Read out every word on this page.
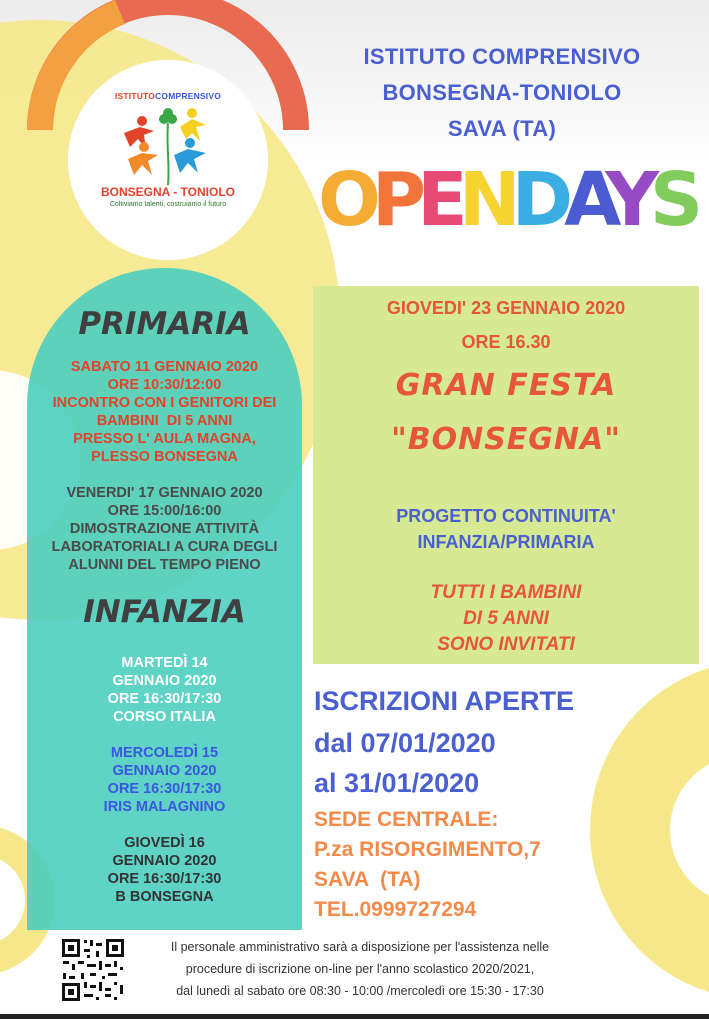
ISTITUTOCOMPRENSIVO
BONSEGNA - TONIOLO
Coltiviamo talenti, costruiamo il futuro
ISTITUTO COMPRENSIVO
BONSEGNA-TONIOLO
SAVA (TA)
OPENDAYS
PRIMARIA
SABATO 11 GENNAIO 2020
ORE 10:30/12:00
INCONTRO CON I GENITORI DEI
BAMBINI  DI 5 ANNI
PRESSO L' AULA MAGNA,
PLESSO BONSEGNA
VENERDI' 17 GENNAIO 2020
ORE 15:00/16:00
DIMOSTRAZIONE ATTIVITÀ
LABORATORIALI A CURA DEGLI
ALUNNI DEL TEMPO PIENO
INFANZIA
MARTEDÌ 14
GENNAIO 2020
ORE 16:30/17:30
CORSO ITALIA
MERCOLEDÌ 15
GENNAIO 2020
ORE 16:30/17:30
IRIS MALAGNINO
GIOVEDÌ 16
GENNAIO 2020
ORE 16:30/17:30
B BONSEGNA
GIOVEDI' 23 GENNAIO 2020
ORE 16.30
GRAN FESTA
"BONSEGNA"
PROGETTO CONTINUITA'
INFANZIA/PRIMARIA
TUTTI I BAMBINI
DI 5 ANNI
SONO INVITATI
ISCRIZIONI APERTE
dal 07/01/2020
al 31/01/2020
SEDE CENTRALE:
P.za RISORGIMENTO,7
SAVA  (TA)
TEL.0999727294
Il personale amministrativo sarà a disposizione per l'assistenza nelle
procedure di iscrizione on-line per l'anno scolastico 2020/2021,
dal lunedì al sabato ore 08:30 - 10:00 /mercoledì ore 15:30 - 17:30
